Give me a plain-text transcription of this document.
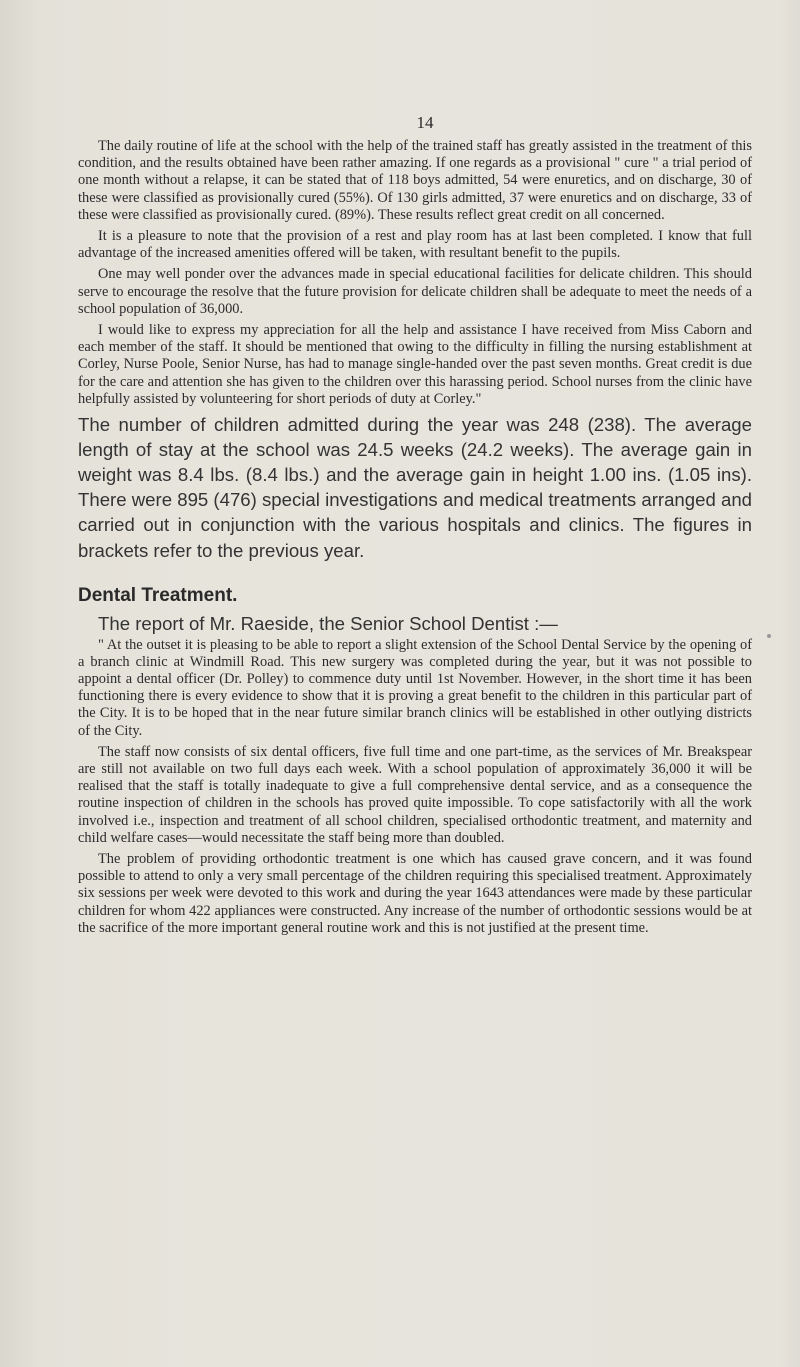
14

The daily routine of life at the school with the help of the trained staff has greatly assisted in the treatment of this condition, and the results obtained have been rather amazing. If one regards as a provisional " cure " a trial period of one month without a relapse, it can be stated that of 118 boys admitted, 54 were enuretics, and on discharge, 30 of these were classified as provisionally cured (55%). Of 130 girls admitted, 37 were enuretics and on discharge, 33 of these were classified as provisionally cured. (89%). These results reflect great credit on all concerned.

It is a pleasure to note that the provision of a rest and play room has at last been completed. I know that full advantage of the increased amenities offered will be taken, with resultant benefit to the pupils.

One may well ponder over the advances made in special educational facilities for delicate children. This should serve to encourage the resolve that the future provision for delicate children shall be adequate to meet the needs of a school population of 36,000.

I would like to express my appreciation for all the help and assistance I have received from Miss Caborn and each member of the staff. It should be mentioned that owing to the difficulty in filling the nursing establishment at Corley, Nurse Poole, Senior Nurse, has had to manage single-handed over the past seven months. Great credit is due for the care and attention she has given to the children over this harassing period. School nurses from the clinic have helpfully assisted by volunteering for short periods of duty at Corley."

The number of children admitted during the year was 248 (238). The average length of stay at the school was 24.5 weeks (24.2 weeks). The average gain in weight was 8.4 lbs. (8.4 lbs.) and the average gain in height 1.00 ins. (1.05 ins). There were 895 (476) special investigations and medical treatments arranged and carried out in conjunction with the various hospitals and clinics. The figures in brackets refer to the previous year.

Dental Treatment.

The report of Mr. Raeside, the Senior School Dentist :—

" At the outset it is pleasing to be able to report a slight extension of the School Dental Service by the opening of a branch clinic at Windmill Road. This new surgery was completed during the year, but it was not possible to appoint a dental officer (Dr. Polley) to commence duty until 1st November. However, in the short time it has been functioning there is every evidence to show that it is proving a great benefit to the children in this particular part of the City. It is to be hoped that in the near future similar branch clinics will be established in other outlying districts of the City.

The staff now consists of six dental officers, five full time and one part-time, as the services of Mr. Breakspear are still not available on two full days each week. With a school population of approximately 36,000 it will be realised that the staff is totally inadequate to give a full comprehensive dental service, and as a consequence the routine inspection of children in the schools has proved quite impossible. To cope satisfactorily with all the work involved i.e., inspection and treatment of all school children, specialised orthodontic treatment, and maternity and child welfare cases—would necessitate the staff being more than doubled.

The problem of providing orthodontic treatment is one which has caused grave concern, and it was found possible to attend to only a very small percentage of the children requiring this specialised treatment. Approximately six sessions per week were devoted to this work and during the year 1643 attendances were made by these particular children for whom 422 appliances were constructed. Any increase of the number of orthodontic sessions would be at the sacrifice of the more important general routine work and this is not justified at the present time.
